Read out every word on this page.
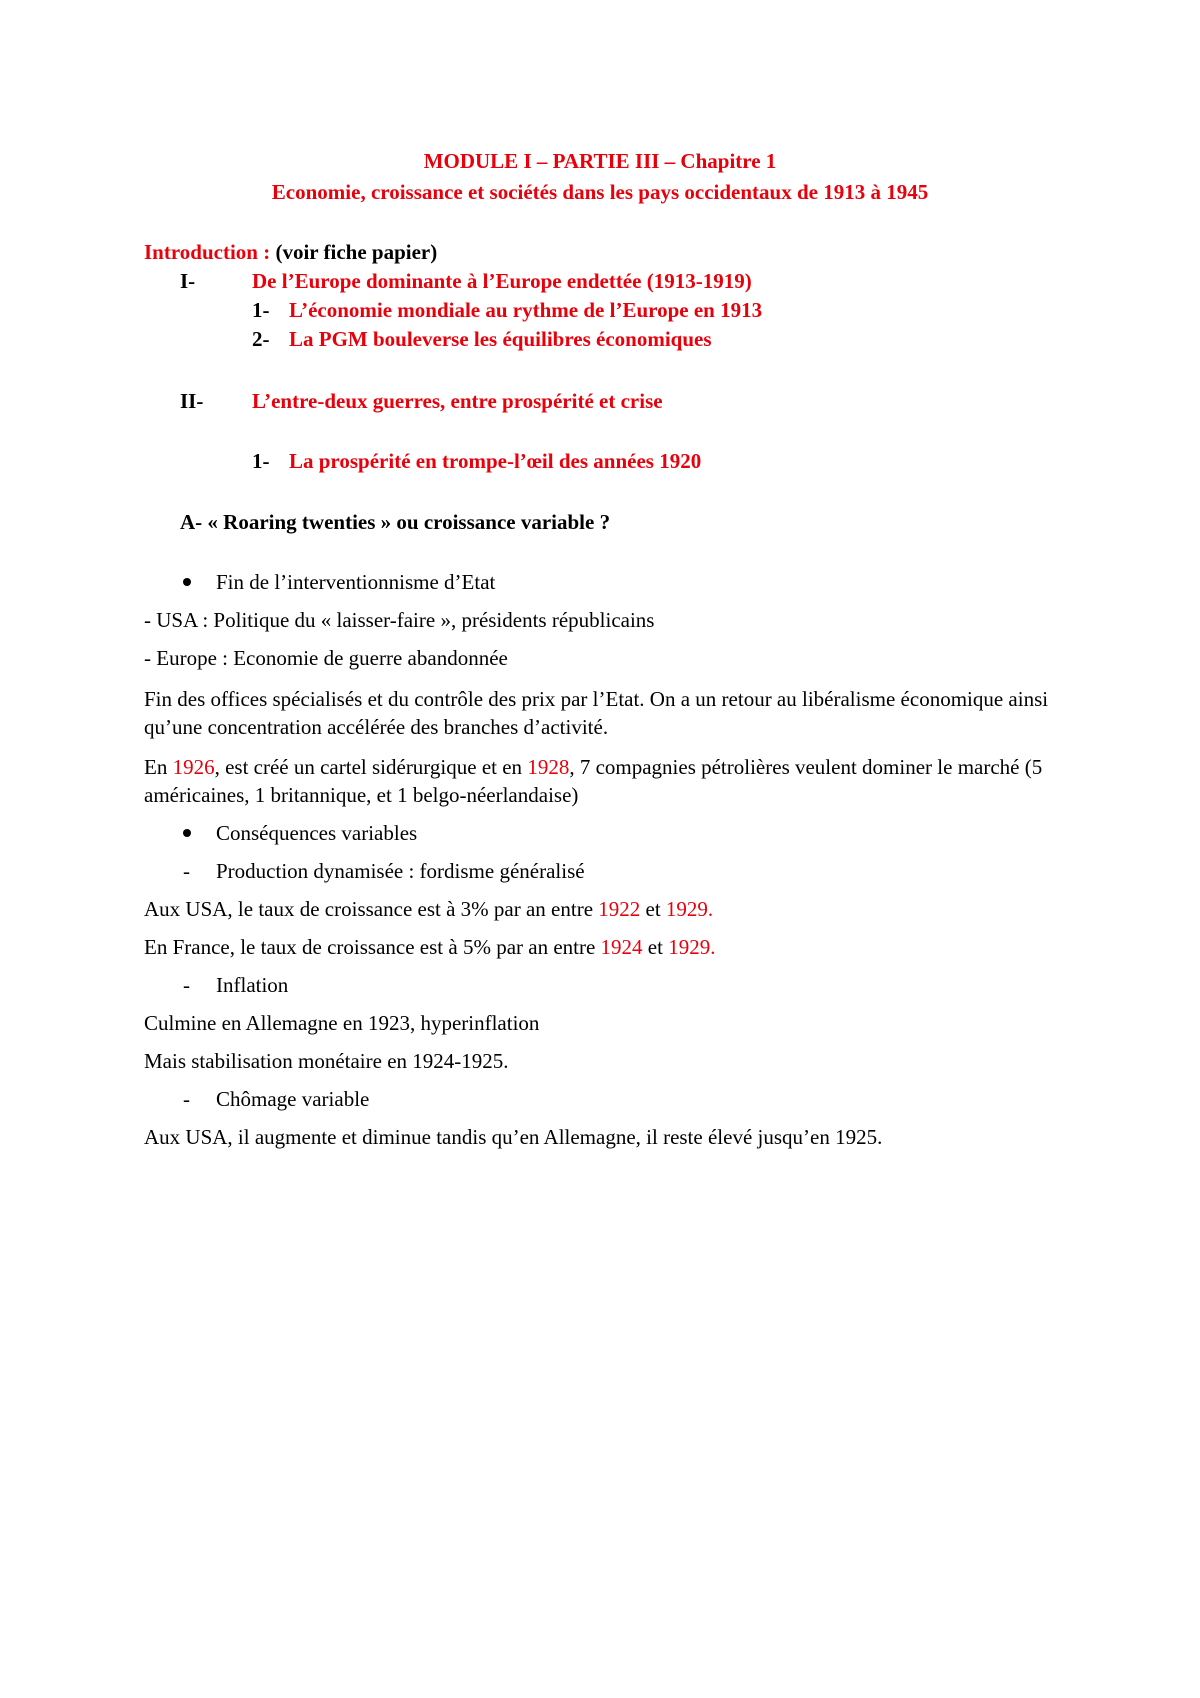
MODULE I – PARTIE III – Chapitre 1
Economie, croissance et sociétés dans les pays occidentaux de 1913 à 1945
Introduction : (voir fiche papier)
I-	De l’Europe dominante à l’Europe endettée (1913-1919)
1- L’économie mondiale au rythme de l’Europe en 1913
2- La PGM bouleverse les équilibres économiques
II- L’entre-deux guerres, entre prospérité et crise
1- La prospérité en trompe-l’œil des années 1920
A- « Roaring twenties » ou croissance variable ?
Fin de l’interventionnisme d’Etat
- USA : Politique du « laisser-faire », présidents républicains
- Europe : Economie de guerre abandonnée
Fin des offices spécialisés et du contrôle des prix par l’Etat. On a un retour au libéralisme économique ainsi qu’une concentration accélérée des branches d’activité.
En 1926, est créé un cartel sidérurgique et en 1928, 7 compagnies pétrolières veulent dominer le marché (5 américaines, 1 britannique, et 1 belgo-néerlandaise)
Conséquences variables
- Production dynamisée : fordisme généralisé
Aux USA, le taux de croissance est à 3% par an entre 1922 et 1929.
En France, le taux de croissance est à 5% par an entre 1924 et 1929.
- Inflation
Culmine en Allemagne en 1923, hyperinflation
Mais stabilisation monétaire en 1924-1925.
- Chômage variable
Aux USA, il augmente et diminue tandis qu’en Allemagne, il reste élevé jusqu’en 1925.
